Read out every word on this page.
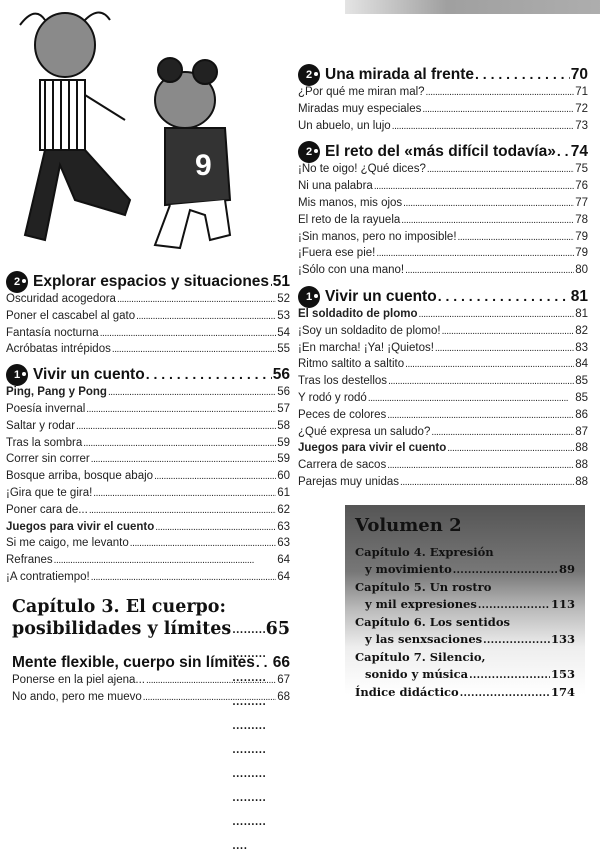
9
2 Explorar espacios y situaciones . . . 51
Oscuridad acogedora . . .	52
Poner el cascabel al gato . . .	53
Fantasía nocturna . . .	54
Acróbatas intrépidos . . .	55
1 Vivir un cuento . . .	56
Ping, Pang y Pong . . .	56
Poesía invernal . . .	57
Saltar y rodar . . .	58
Tras la sombra . . .	59
Correr sin correr . . .	59
Bosque arriba, bosque abajo . . .	60
¡Gira que te gira! . . .	61
Poner cara de... . . .	62
Juegos para vivir el cuento . . .	63
Si me caigo, me levanto . . .	63
Refranes . . .	64
¡A contratiempo! . . .	64
2 Una mirada al frente . . .	70
¿Por qué me miran mal? . . .	71
Miradas muy especiales . . .	72
Un abuelo, un lujo . . .	73
2 El reto del «más difícil todavía» . . . 74
¡No te oigo! ¿Qué dices? . . .	75
Ni una palabra . . .	76
Mis manos, mis ojos . . .	77
El reto de la rayuela . . .	78
¡Sin manos, pero no imposible! . . .	79
¡Fuera ese pie! . . .	79
¡Sólo con una mano! . . .	80
1 Vivir un cuento . . .	81
El soldadito de plomo . . .	81
¡Soy un soldadito de plomo! . . .	82
¡En marcha! ¡Ya! ¡Quietos! . . .	83
Ritmo saltito a saltito . . .	84
Tras los destellos . . .	85
Y rodó y rodó . . .	85
Peces de colores . . .	86
¿Qué expresa un saludo? . . .	87
Juegos para vivir el cuento . . .	88
Carrera de sacos . . .	88
Parejas muy unidas . . .	88
Capítulo 3. El cuerpo:
posibilidades y límites . . . 65
Mente flexible, cuerpo sin límites . . . 66
Ponerse en la piel ajena... . . .	67
No ando, pero me muevo . . .	68
Volumen 2
Capítulo 4. Expresión
y movimiento . . .	89
Capítulo 5. Un rostro
y mil expresiones . . .	113
Capítulo 6. Los sentidos
y las senxsaciones . . .	133
Capítulo 7. Silencio,
sonido y música . . .	153
Índice didáctico . . .	174
